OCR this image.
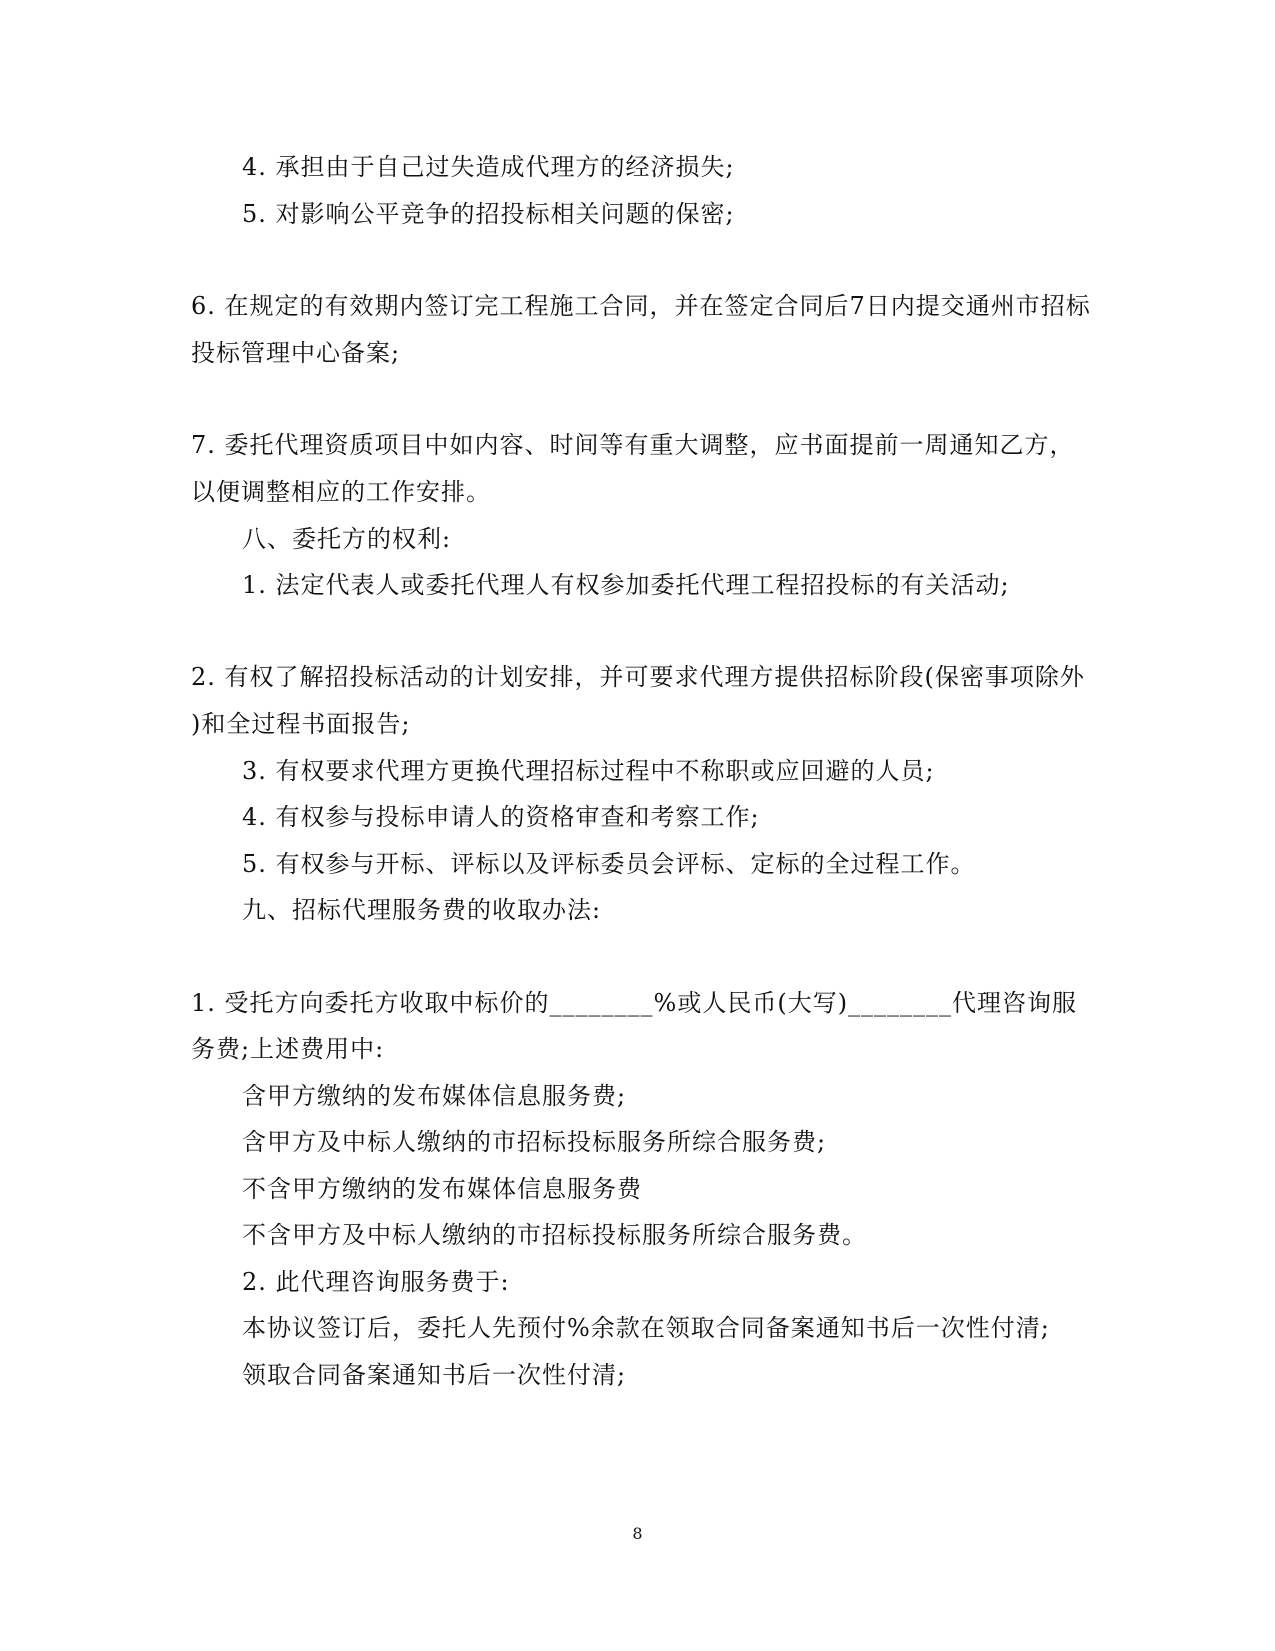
4. 承担由于自己过失造成代理方的经济损失;
5. 对影响公平竞争的招投标相关问题的保密;
6. 在规定的有效期内签订完工程施工合同，并在签定合同后7日内提交通州市招标
投标管理中心备案;
7. 委托代理资质项目中如内容、时间等有重大调整，应书面提前一周通知乙方，
以便调整相应的工作安排。
八、委托方的权利:
1. 法定代表人或委托代理人有权参加委托代理工程招投标的有关活动;
2. 有权了解招投标活动的计划安排，并可要求代理方提供招标阶段(保密事项除外
)和全过程书面报告;
3. 有权要求代理方更换代理招标过程中不称职或应回避的人员;
4. 有权参与投标申请人的资格审查和考察工作;
5. 有权参与开标、评标以及评标委员会评标、定标的全过程工作。
九、招标代理服务费的收取办法:
1. 受托方向委托方收取中标价的________%或人民币(大写)________代理咨询服
务费;上述费用中:
含甲方缴纳的发布媒体信息服务费;
含甲方及中标人缴纳的市招标投标服务所综合服务费;
不含甲方缴纳的发布媒体信息服务费
不含甲方及中标人缴纳的市招标投标服务所综合服务费。
2. 此代理咨询服务费于:
本协议签订后，委托人先预付%余款在领取合同备案通知书后一次性付清;
领取合同备案通知书后一次性付清;
8
